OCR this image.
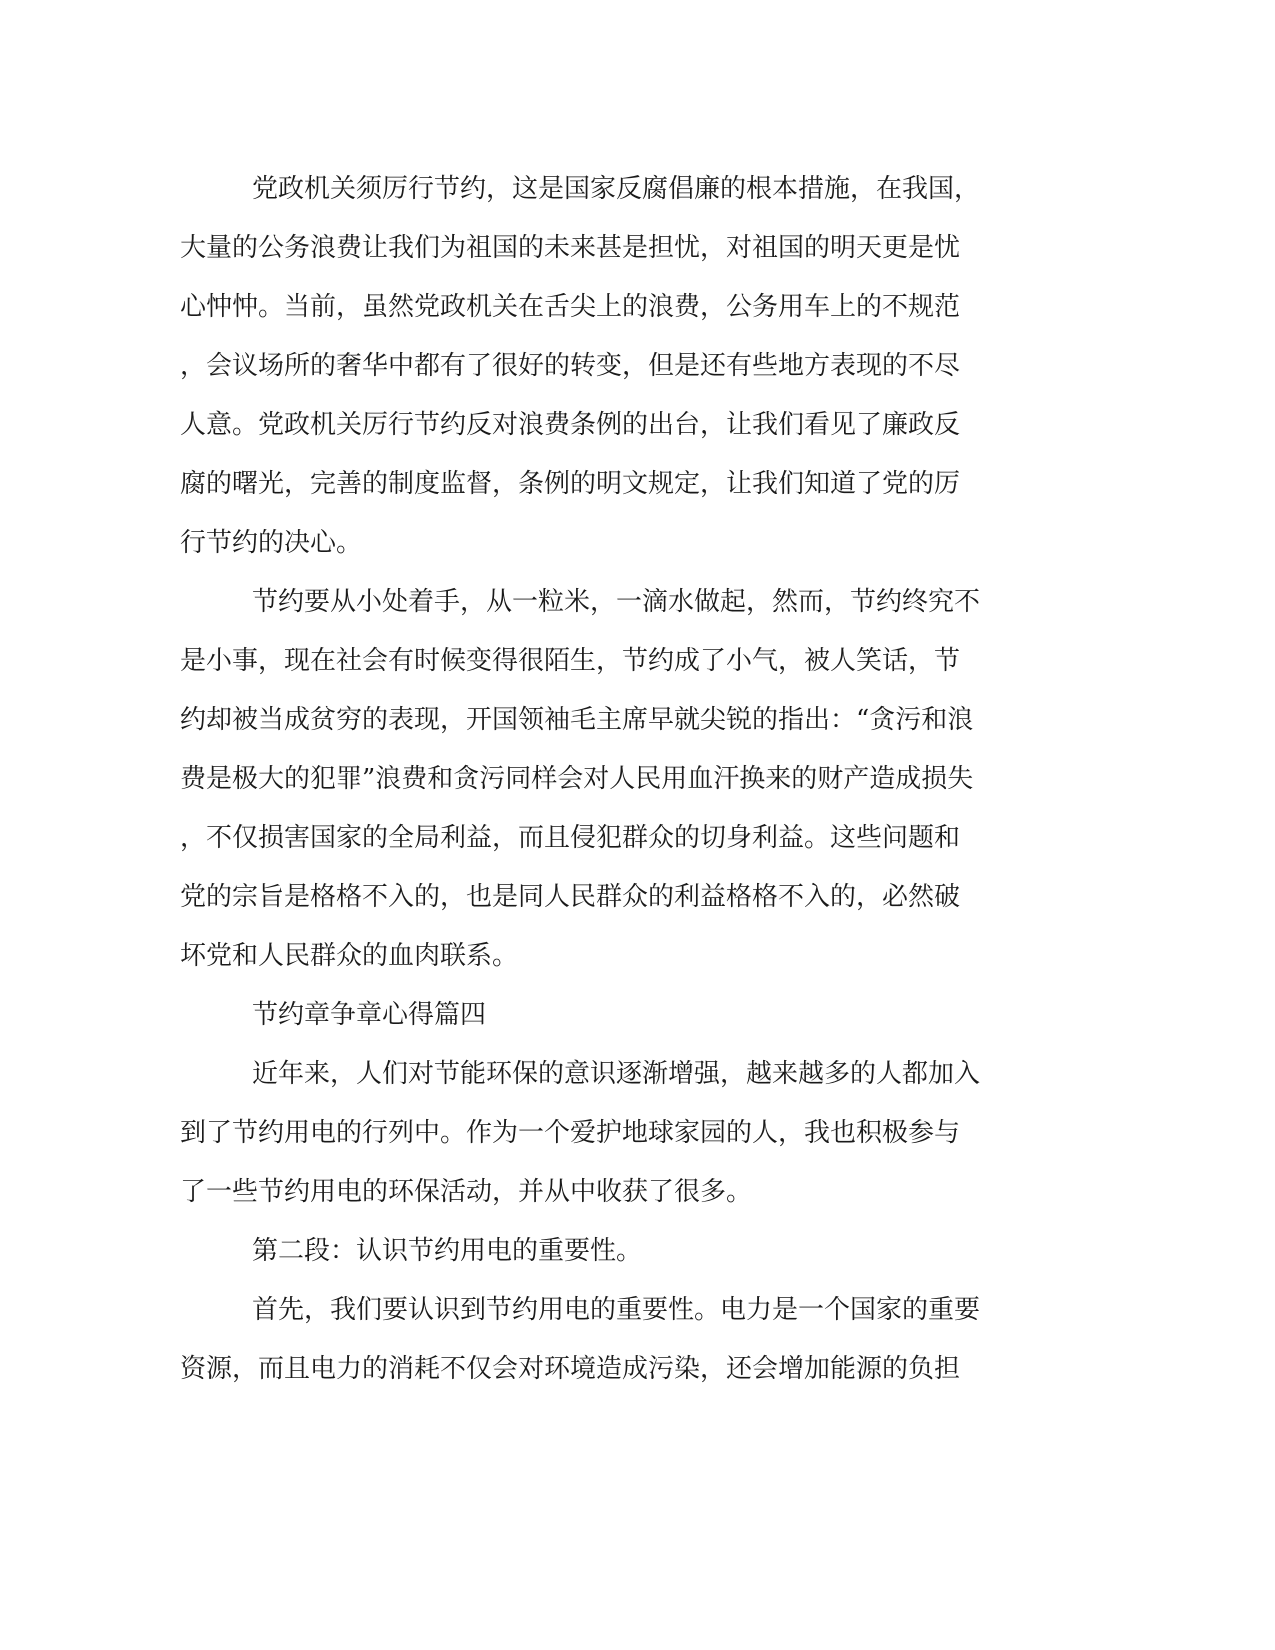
党政机关须厉行节约，这是国家反腐倡廉的根本措施，在我国，
大量的公务浪费让我们为祖国的未来甚是担忧，对祖国的明天更是忧
心忡忡。当前，虽然党政机关在舌尖上的浪费，公务用车上的不规范
，会议场所的奢华中都有了很好的转变，但是还有些地方表现的不尽
人意。党政机关厉行节约反对浪费条例的出台，让我们看见了廉政反
腐的曙光，完善的制度监督，条例的明文规定，让我们知道了党的厉
行节约的决心。
节约要从小处着手，从一粒米，一滴水做起，然而，节约终究不
是小事，现在社会有时候变得很陌生，节约成了小气，被人笑话，节
约却被当成贫穷的表现，开国领袖毛主席早就尖锐的指出：“贪污和浪
费是极大的犯罪”浪费和贪污同样会对人民用血汗换来的财产造成损失
，不仅损害国家的全局利益，而且侵犯群众的切身利益。这些问题和
党的宗旨是格格不入的，也是同人民群众的利益格格不入的，必然破
坏党和人民群众的血肉联系。
节约章争章心得篇四
近年来，人们对节能环保的意识逐渐增强，越来越多的人都加入
到了节约用电的行列中。作为一个爱护地球家园的人，我也积极参与
了一些节约用电的环保活动，并从中收获了很多。
第二段：认识节约用电的重要性。
首先，我们要认识到节约用电的重要性。电力是一个国家的重要
资源，而且电力的消耗不仅会对环境造成污染，还会增加能源的负担
